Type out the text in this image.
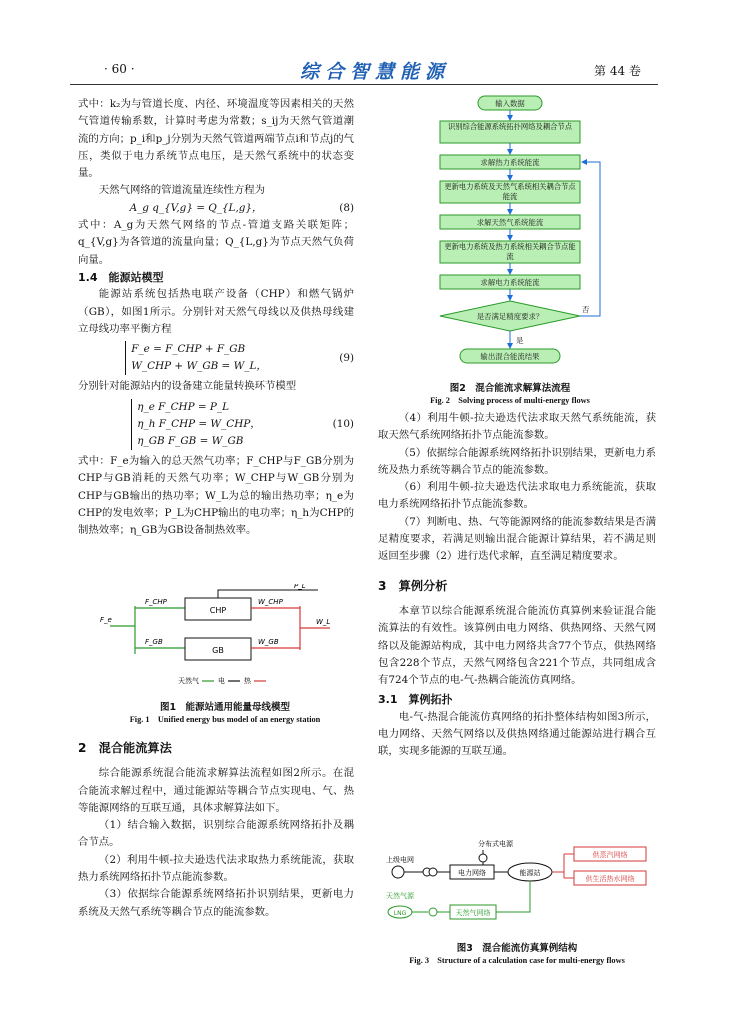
· 60 ·	综合智慧能源	第 44 卷

式中：k₂为与管道长度、内径、环境温度等因素相关的天然气管道传输系数，计算时考虑为常数；s_ij为天然气管道潮流的方向；p_i和p_j分别为天然气管道两端节点i和节点j的气压，类似于电力系统节点电压，是天然气系统中的状态变量。

天然气网络的管道流量连续性方程为

A_g q_{V,g} = Q_{L,g}，	(8)

式中：A_g为天然气网络的节点-管道支路关联矩阵；q_{V,g}为各管道的流量向量；Q_{L,g}为节点天然气负荷向量。

1.4　能源站模型

能源站系统包括热电联产设备（CHP）和燃气锅炉（GB），如图1所示。分别针对天然气母线以及供热母线建立母线功率平衡方程

F_e = F_CHP + F_GB
W_CHP + W_GB = W_L，
(9)

分别针对能源站内的设备建立能量转换环节模型

η_e F_CHP = P_L
η_h F_CHP = W_CHP，
η_GB F_GB = W_GB
(10)

式中：F_e为输入的总天然气功率；F_CHP与F_GB分别为CHP与GB消耗的天然气功率；W_CHP与W_GB分别为CHP与GB输出的热功率；W_L为总的输出热功率；η_e为CHP的发电效率；P_L为CHP输出的电功率；η_h为CHP的制热效率；η_GB为GB设备制热效率。

CHP
GB
P_L
F_CHP
F_GB
W_CHP
W_GB
W_L
F_e
天然气	电	热
图1　能源站通用能量母线模型
Fig. 1　Unified energy bus model of an energy station

2　混合能流算法

综合能源系统混合能流求解算法流程如图2所示。在混合能流求解过程中，通过能源站等耦合节点实现电、气、热等能源网络的互联互通，具体求解算法如下。

（1）结合输入数据，识别综合能源系统网络拓扑及耦合节点。

（2）利用牛顿-拉夫逊迭代法求取热力系统能流，获取热力系统网络拓扑节点能流参数。

（3）依据综合能源系统网络拓扑识别结果，更新电力系统及天然气系统等耦合节点的能流参数。

输入数据
识别综合能源系统拓扑网络及耦合节点
求解热力系统能流
更新电力系统及天然气系统相关耦合节点能流
求解天然气系统能流
更新电力系统及热力系统相关耦合节点能流
求解电力系统能流
是否满足精度要求？
否
是
输出混合能流结果
图2　混合能流求解算法流程
Fig. 2　Solving process of multi-energy flows

（4）利用牛顿-拉夫逊迭代法求取天然气系统能流，获取天然气系统网络拓扑节点能流参数。

（5）依据综合能源系统网络拓扑识别结果，更新电力系统及热力系统等耦合节点的能流参数。

（6）利用牛顿-拉夫逊迭代法求取电力系统能流，获取电力系统网络拓扑节点能流参数。

（7）判断电、热、气等能源网络的能流参数结果是否满足精度要求，若满足则输出混合能源计算结果，若不满足则返回至步骤（2）进行迭代求解，直至满足精度要求。

3　算例分析

本章节以综合能源系统混合能流仿真算例来验证混合能流算法的有效性。该算例由电力网络、供热网络、天然气网络以及能源站构成，其中电力网络共含77个节点，供热网络包含228个节点，天然气网络包含221个节点，共同组成含有724个节点的电-气-热耦合能流仿真网络。

3.1　算例拓扑

电-气-热混合能流仿真网络的拓扑整体结构如图3所示，电力网络、天然气网络以及供热网络通过能源站进行耦合互联，实现多能源的互联互通。

分布式电源
上级电网
电力网络	能源站
供蒸汽网络
供生活热水网络
天然气源
LNG	天然气网络
图3　混合能流仿真算例结构
Fig. 3　Structure of a calculation case for multi-energy flows
